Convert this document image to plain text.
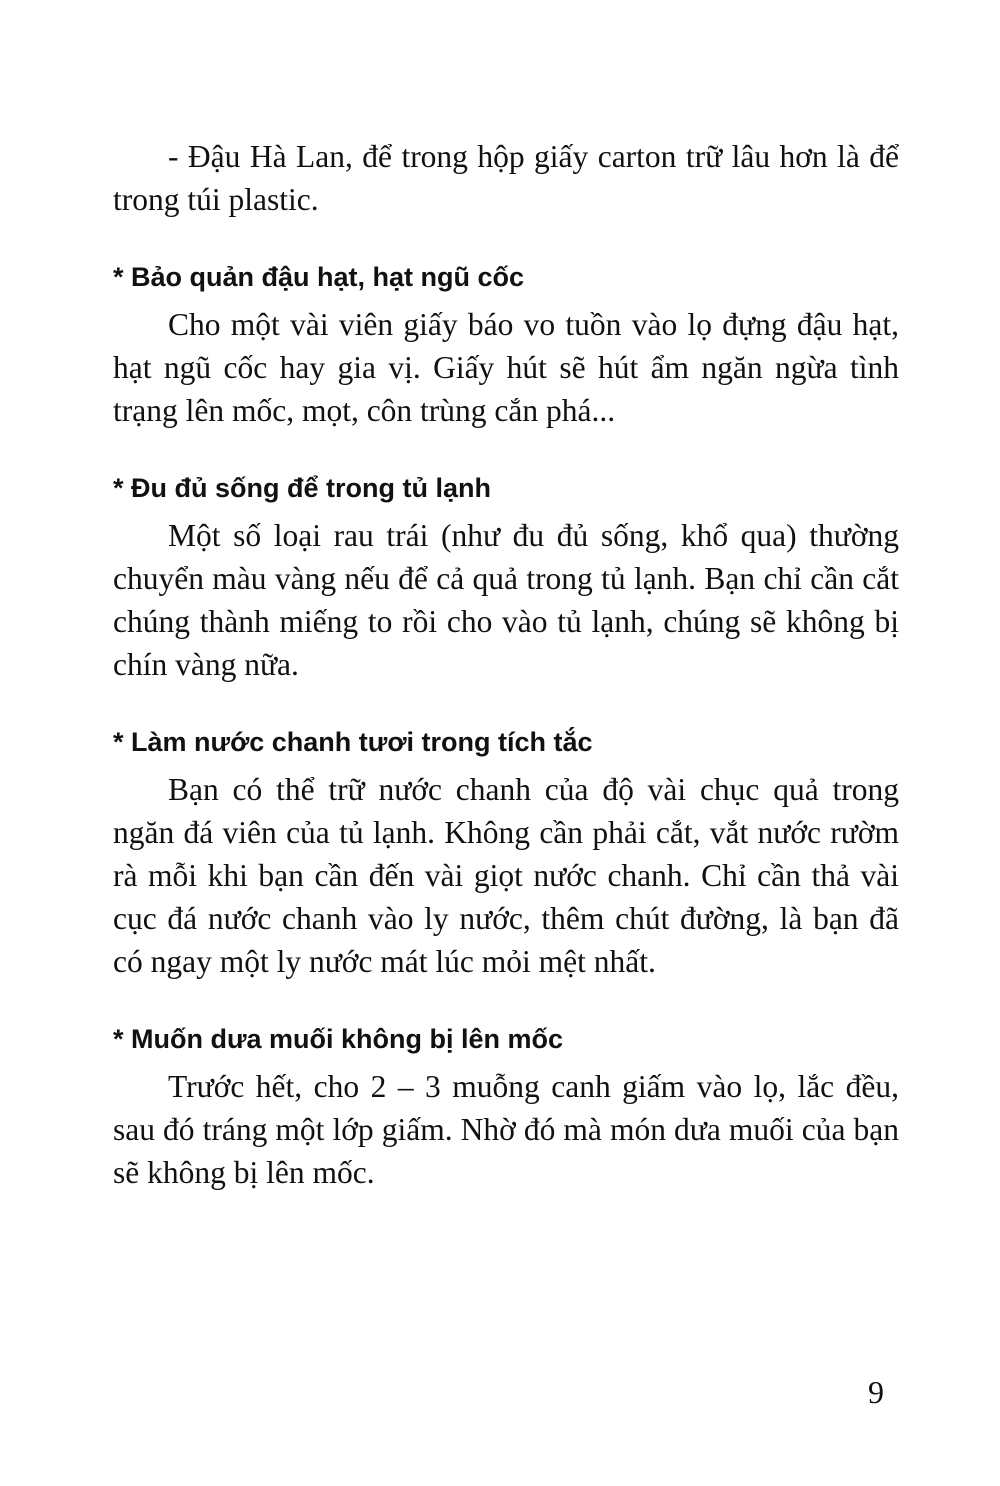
- Đậu Hà Lan, để trong hộp giấy carton trữ lâu hơn là để trong túi plastic.

* Bảo quản đậu hạt, hạt ngũ cốc

Cho một vài viên giấy báo vo tuồn vào lọ đựng đậu hạt, hạt ngũ cốc hay gia vị. Giấy hút sẽ hút ẩm ngăn ngừa tình trạng lên mốc, mọt, côn trùng cắn phá...

* Đu đủ sống để trong tủ lạnh

Một số loại rau trái (như đu đủ sống, khổ qua) thường chuyển màu vàng nếu để cả quả trong tủ lạnh. Bạn chỉ cần cắt chúng thành miếng to rồi cho vào tủ lạnh, chúng sẽ không bị chín vàng nữa.

* Làm nước chanh tươi trong tích tắc

Bạn có thể trữ nước chanh của độ vài chục quả trong ngăn đá viên của tủ lạnh. Không cần phải cắt, vắt nước rườm rà mỗi khi bạn cần đến vài giọt nước chanh. Chỉ cần thả vài cục đá nước chanh vào ly nước, thêm chút đường, là bạn đã có ngay một ly nước mát lúc mỏi mệt nhất.

* Muốn dưa muối không bị lên mốc

Trước hết, cho 2 – 3 muỗng canh giấm vào lọ, lắc đều, sau đó tráng một lớp giấm. Nhờ đó mà món dưa muối của bạn sẽ không bị lên mốc.

9
